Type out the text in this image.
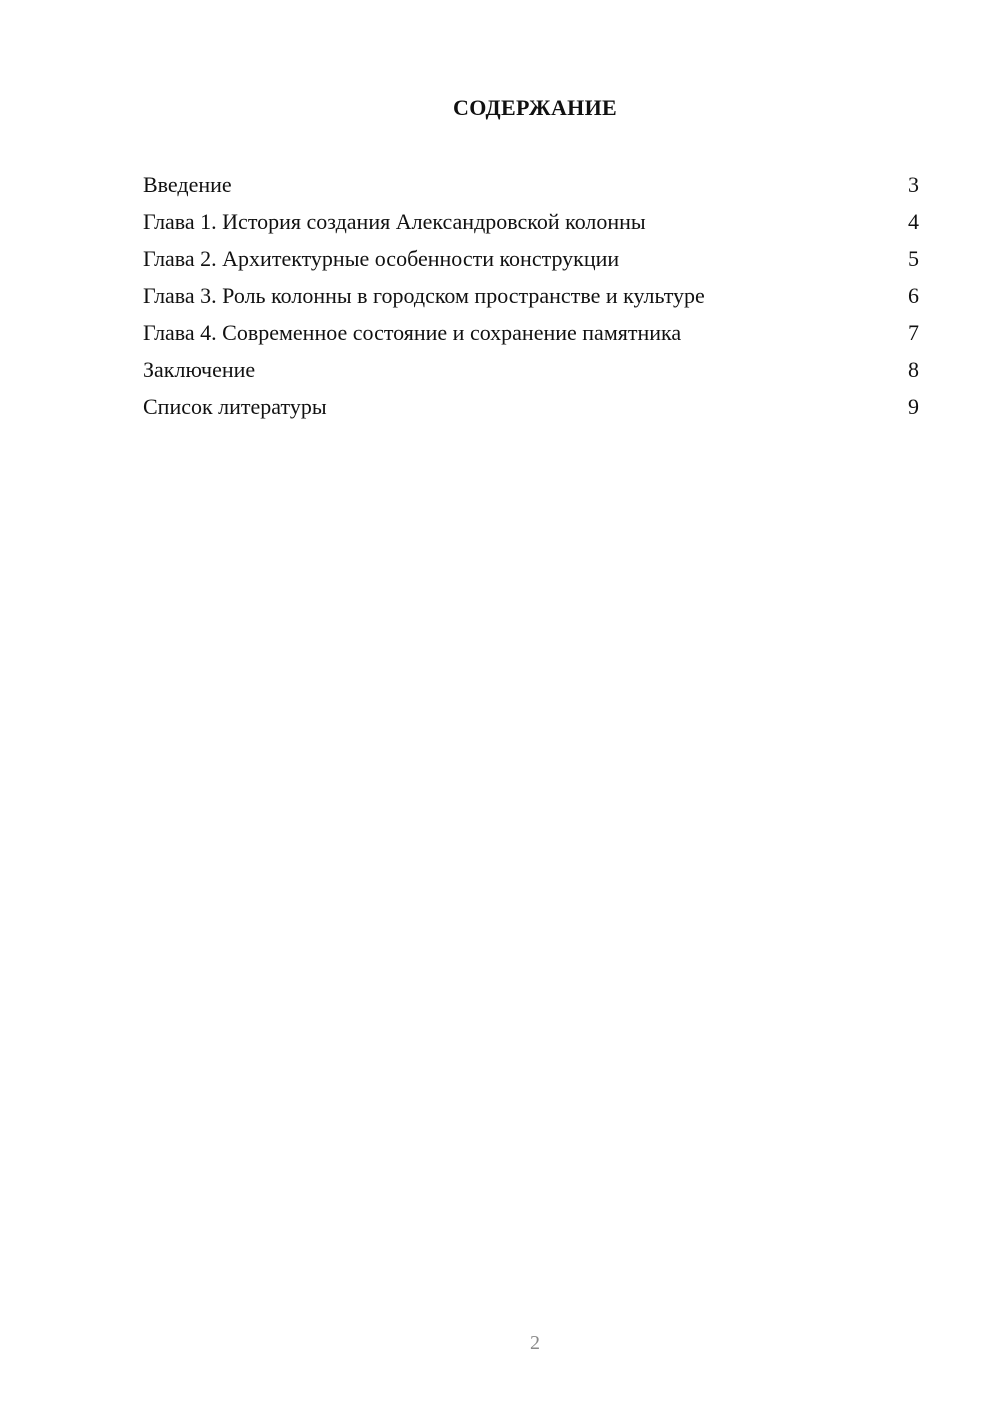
СОДЕРЖАНИЕ
Введение	3
Глава 1. История создания Александровской колонны	4
Глава 2. Архитектурные особенности конструкции	5
Глава 3. Роль колонны в городском пространстве и культуре	6
Глава 4. Современное состояние и сохранение памятника	7
Заключение	8
Список литературы	9
2
